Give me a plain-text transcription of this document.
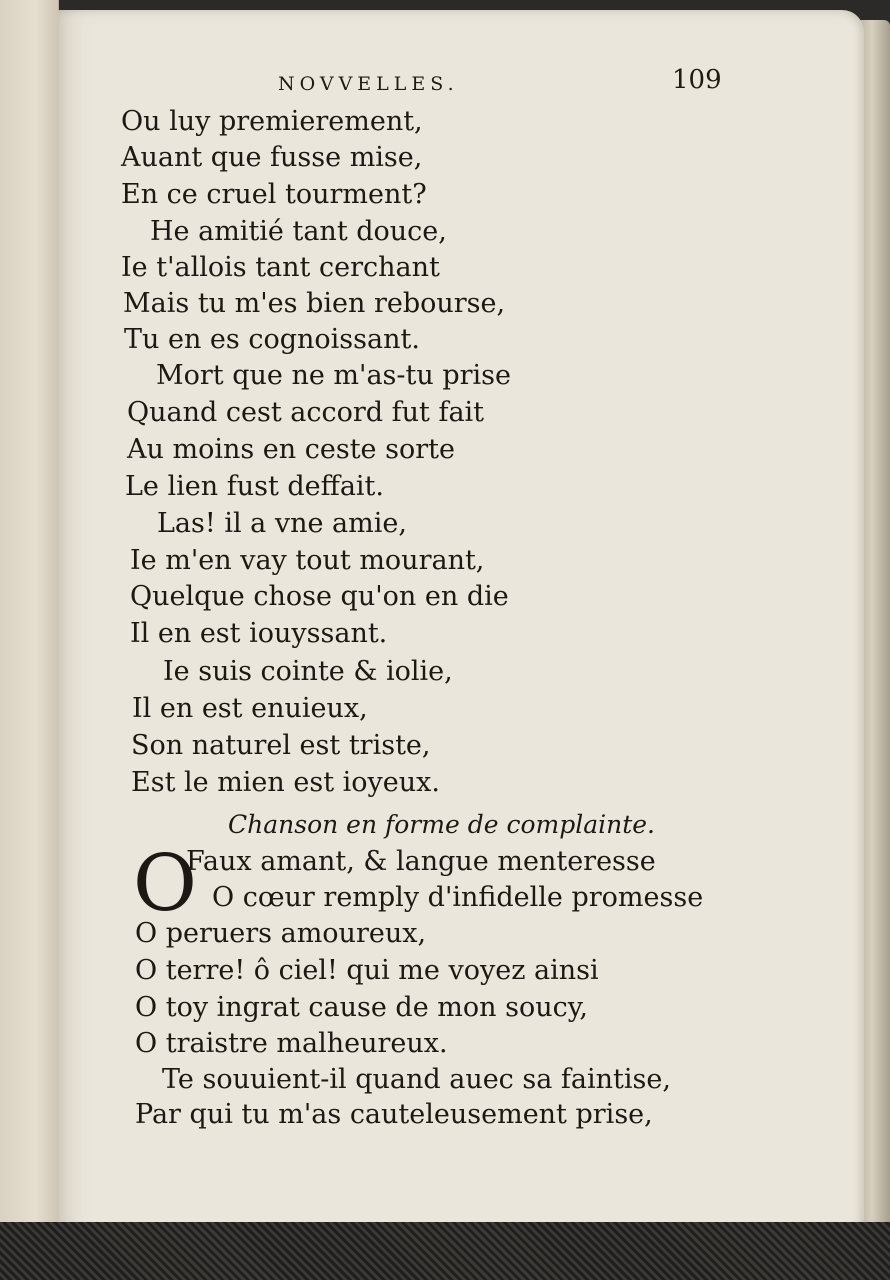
NOVVELLES.	109
Ou luy premierement,
Auant que fusse mise,
En ce cruel tourment?
He amitié tant douce,
Ie t'allois tant cerchant
Mais tu m'es bien rebourse,
Tu en es cognoissant.
Mort que ne m'as-tu prise
Quand cest accord fut fait
Au moins en ceste sorte
Le lien fust deffait.
Las! il a vne amie,
Ie m'en vay tout mourant,
Quelque chose qu'on en die
Il en est iouyssant.
Ie suis cointe & iolie,
Il en est enuieux,
Son naturel est triste,
Est le mien est ioyeux.
Chanson en forme de complainte.
O
Faux amant, & langue menteresse
O cœur remply d'infidelle promesse
O peruers amoureux,
O terre! ô ciel! qui me voyez ainsi
O toy ingrat cause de mon soucy,
O traistre malheureux.
Te souuient-il quand auec sa faintise,
Par qui tu m'as cauteleusement prise,
